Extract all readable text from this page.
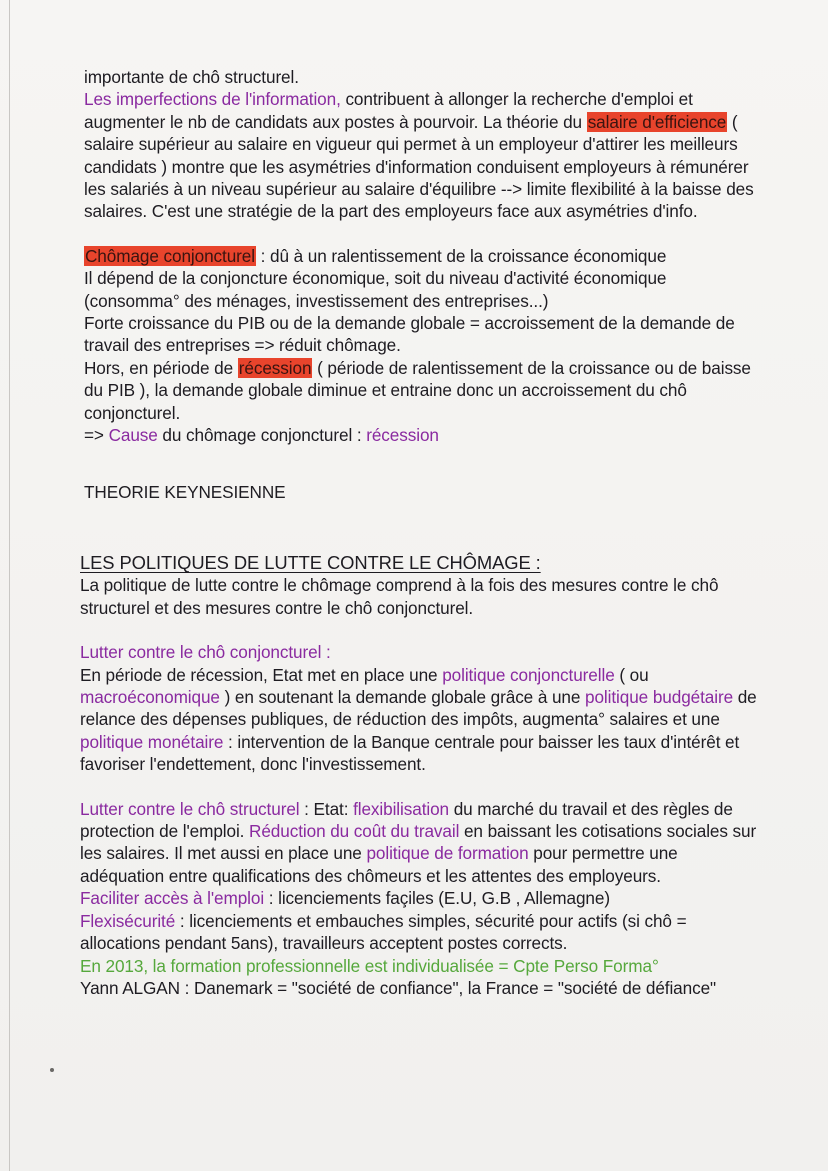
importante de chô structurel.
Les imperfections de l'information, contribuent à allonger la recherche d'emploi et augmenter le nb de candidats aux postes à pourvoir. La théorie du salaire d'efficience ( salaire supérieur au salaire en vigueur qui permet à un employeur d'attirer les meilleurs candidats ) montre que les asymétries d'information conduisent employeurs à rémunérer les salariés à un niveau supérieur au salaire d'équilibre --> limite flexibilité à la baisse des salaires. C'est une stratégie de la part des employeurs face aux asymétries d'info.

Chômage conjoncturel : dû à un ralentissement de la croissance économique
Il dépend de la conjoncture économique, soit du niveau d'activité économique (consomma° des ménages, investissement des entreprises...)
Forte croissance du PIB ou de la demande globale = accroissement de la demande de travail des entreprises => réduit chômage.
Hors, en période de récession ( période de ralentissement de la croissance ou de baisse du PIB ), la demande globale diminue et entraine donc un accroissement du chô conjoncturel.
=> Cause du chômage conjoncturel : récession

THEORIE KEYNESIENNE

LES POLITIQUES DE LUTTE CONTRE LE CHÔMAGE :

La politique de lutte contre le chômage comprend à la fois des mesures contre le chô structurel et des mesures contre le chô conjoncturel.

Lutter contre le chô conjoncturel :

En période de récession, Etat met en place une politique conjoncturelle ( ou macroéconomique ) en soutenant la demande globale grâce à une politique budgétaire de relance des dépenses publiques, de réduction des impôts, augmenta° salaires et une politique monétaire : intervention de la Banque centrale pour baisser les taux d'intérêt et favoriser l'endettement, donc l'investissement.

Lutter contre le chô structurel : Etat: flexibilisation du marché du travail et des règles de protection de l'emploi. Réduction du coût du travail en baissant les cotisations sociales sur les salaires. Il met aussi en place une politique de formation pour permettre une adéquation entre qualifications des chômeurs et les attentes des employeurs.
Faciliter accès à l'emploi : licenciements façiles (E.U, G.B , Allemagne)
Flexisécurité : licenciements et embauches simples, sécurité pour actifs (si chô = allocations pendant 5ans), travailleurs acceptent postes corrects.
En 2013, la formation professionnelle est individualisée = Cpte Perso Forma°
Yann ALGAN : Danemark = "société de confiance", la France = "société de défiance"
